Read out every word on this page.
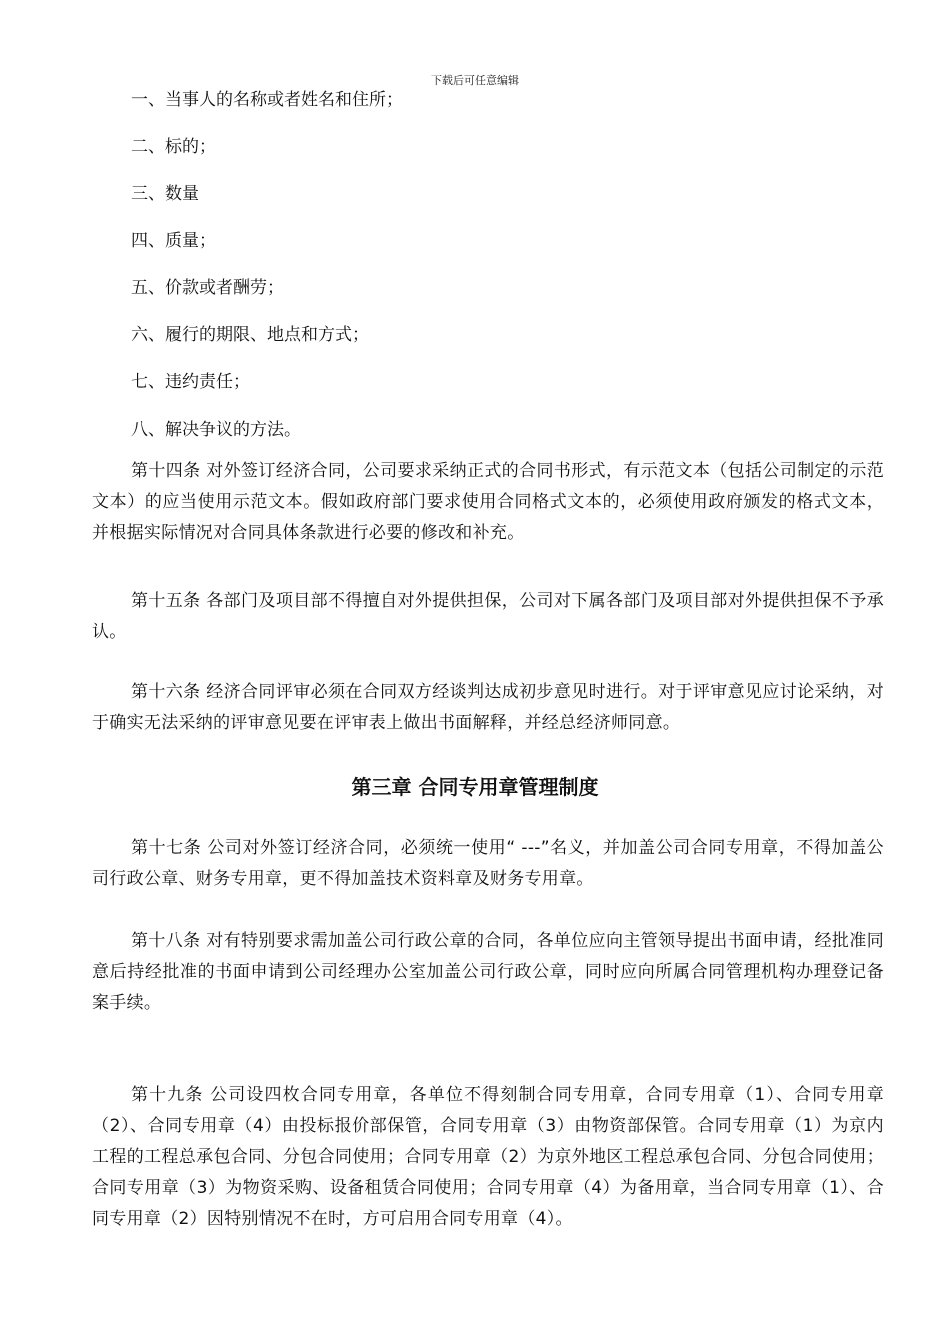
下载后可任意编辑
一、当事人的名称或者姓名和住所；
二、标的；
三、数量
四、质量；
五、价款或者酬劳；
六、履行的期限、地点和方式；
七、违约责任；
八、解决争议的方法。
第十四条 对外签订经济合同，公司要求采纳正式的合同书形式，有示范文本（包括公司制定的示范文本）的应当使用示范文本。假如政府部门要求使用合同格式文本的，必须使用政府颁发的格式文本，并根据实际情况对合同具体条款进行必要的修改和补充。
第十五条 各部门及项目部不得擅自对外提供担保，公司对下属各部门及项目部对外提供担保不予承认。
第十六条 经济合同评审必须在合同双方经谈判达成初步意见时进行。对于评审意见应讨论采纳，对于确实无法采纳的评审意见要在评审表上做出书面解释，并经总经济师同意。
第三章 合同专用章管理制度
第十七条 公司对外签订经济合同，必须统一使用“ ---”名义，并加盖公司合同专用章，不得加盖公司行政公章、财务专用章，更不得加盖技术资料章及财务专用章。
第十八条 对有特别要求需加盖公司行政公章的合同，各单位应向主管领导提出书面申请，经批准同意后持经批准的书面申请到公司经理办公室加盖公司行政公章，同时应向所属合同管理机构办理登记备案手续。
第十九条 公司设四枚合同专用章，各单位不得刻制合同专用章，合同专用章（1）、合同专用章（2）、合同专用章（4）由投标报价部保管，合同专用章（3）由物资部保管。合同专用章（1）为京内工程的工程总承包合同、分包合同使用；合同专用章（2）为京外地区工程总承包合同、分包合同使用；合同专用章（3）为物资采购、设备租赁合同使用；合同专用章（4）为备用章，当合同专用章（1）、合同专用章（2）因特别情况不在时，方可启用合同专用章（4）。
